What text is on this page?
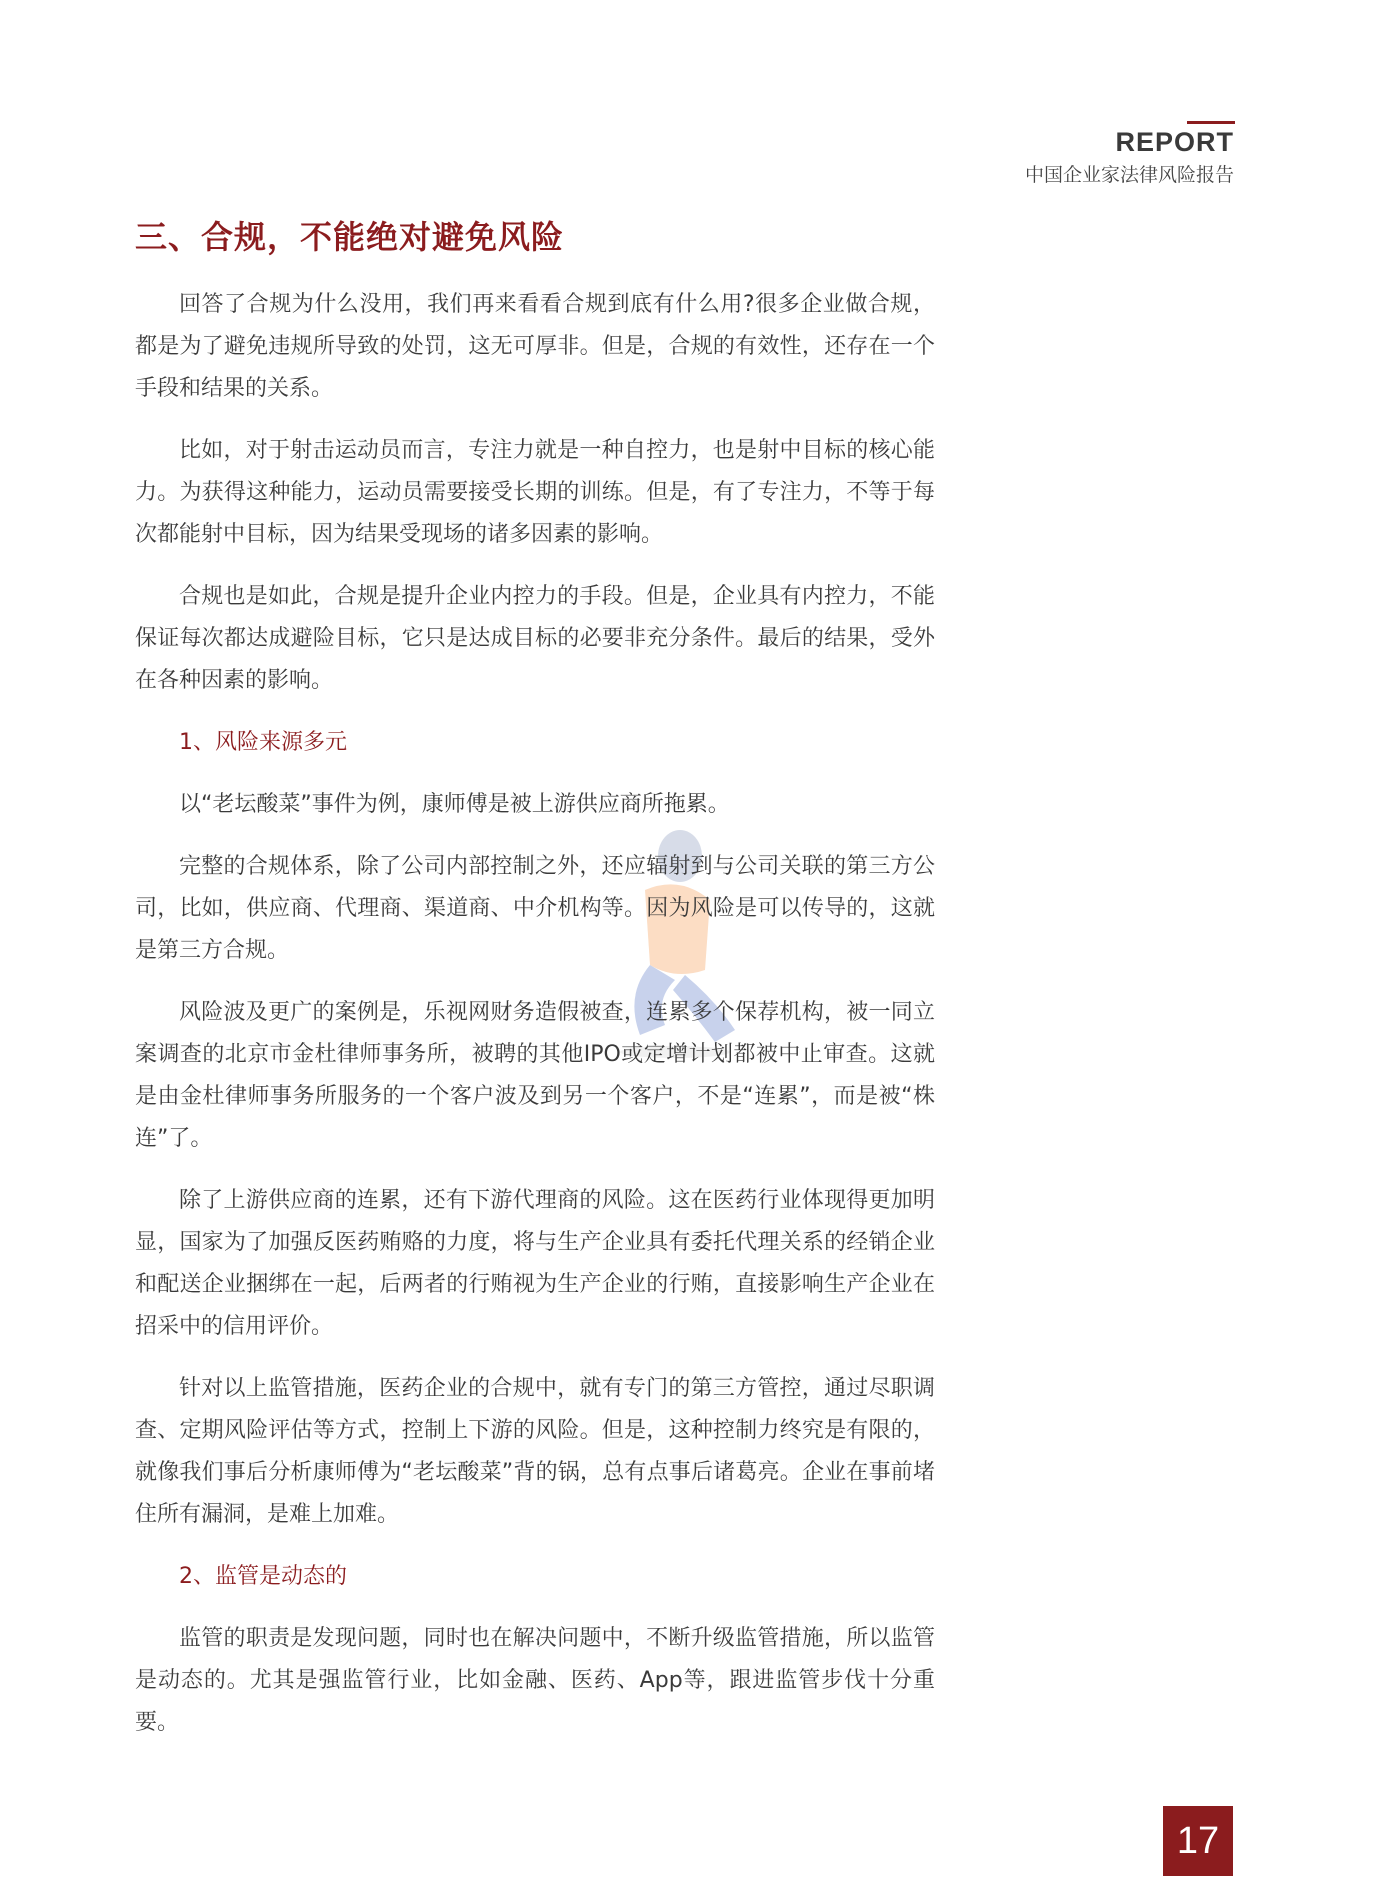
REPORT
中国企业家法律风险报告
三、合规，不能绝对避免风险

回答了合规为什么没用，我们再来看看合规到底有什么用?很多企业做合规，都是为了避免违规所导致的处罚，这无可厚非。但是，合规的有效性，还存在一个手段和结果的关系。

比如，对于射击运动员而言，专注力就是一种自控力，也是射中目标的核心能力。为获得这种能力，运动员需要接受长期的训练。但是，有了专注力，不等于每次都能射中目标，因为结果受现场的诸多因素的影响。

合规也是如此，合规是提升企业内控力的手段。但是，企业具有内控力，不能保证每次都达成避险目标，它只是达成目标的必要非充分条件。最后的结果，受外在各种因素的影响。

1、风险来源多元

以“老坛酸菜”事件为例，康师傅是被上游供应商所拖累。

完整的合规体系，除了公司内部控制之外，还应辐射到与公司关联的第三方公司，比如，供应商、代理商、渠道商、中介机构等。因为风险是可以传导的，这就是第三方合规。

风险波及更广的案例是，乐视网财务造假被查，连累多个保荐机构，被一同立案调查的北京市金杜律师事务所，被聘的其他IPO或定增计划都被中止审查。这就是由金杜律师事务所服务的一个客户波及到另一个客户，不是“连累”，而是被“株连”了。

除了上游供应商的连累，还有下游代理商的风险。这在医药行业体现得更加明显，国家为了加强反医药贿赂的力度，将与生产企业具有委托代理关系的经销企业和配送企业捆绑在一起，后两者的行贿视为生产企业的行贿，直接影响生产企业在招采中的信用评价。

针对以上监管措施，医药企业的合规中，就有专门的第三方管控，通过尽职调查、定期风险评估等方式，控制上下游的风险。但是，这种控制力终究是有限的，就像我们事后分析康师傅为“老坛酸菜”背的锅，总有点事后诸葛亮。企业在事前堵住所有漏洞，是难上加难。

2、监管是动态的

监管的职责是发现问题，同时也在解决问题中，不断升级监管措施，所以监管是动态的。尤其是强监管行业，比如金融、医药、App等，跟进监管步伐十分重要。

17
